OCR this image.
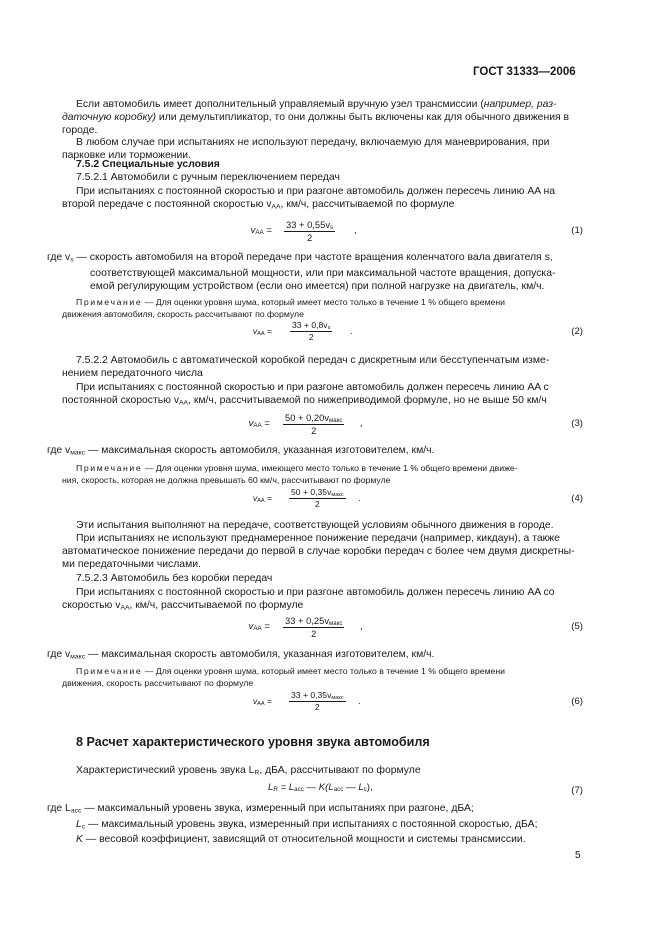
ГОСТ 31333—2006
Если автомобиль имеет дополнительный управляемый вручную узел трансмиссии (например, раз-
даточную коробку) или демультипликатор, то они должны быть включены как для обычного движения в
городе.
В любом случае при испытаниях не используют передачу, включаемую для маневрирования, при
парковке или торможении.
7.5.2 Специальные условия
7.5.2.1 Автомобили с ручным переключением передач
При испытаниях с постоянной скоростью и при разгоне автомобиль должен пересечь линию AA на
второй передаче с постоянной скоростью $v_{AA}$, км/ч, рассчитываемой по формуле
vAA = $\frac{33 + 0,55vs}{2}$ ,	(1)
где $v_s$ — скорость автомобиля на второй передаче при частоте вращения коленчатого вала двигателя s,
соответствующей максимальной мощности, или при максимальной частоте вращения, допуска-
емой регулирующим устройством (если оно имеется) при полной нагрузке на двигатель, км/ч.
Примечание — Для оценки уровня шума, который имеет место только в течение 1 % общего времени
движения автомобиля, скорость рассчитывают по формуле
$v_{AA} = \frac{33 + 0,8v_s}{2}$ .	(2)
7.5.2.2 Автомобиль с автоматической коробкой передач с дискретным или бесступенчатым изме-
нением передаточного числа
При испытаниях с постоянной скоростью и при разгоне автомобиль должен пересечь линию AA с
постоянной скоростью $v_{AA}$, км/ч, рассчитываемой по нижеприводимой формуле, но не выше 50 км/ч
vAA =
50 + 0,20vмакс
2
,	(3)
где $v_{макс}$ — максимальная скорость автомобиля, указанная изготовителем, км/ч.
Примечание — Для оценки уровня шума, имеющего место только в течение 1 % общего времени движе-
ния, скорость, которая не должна превышать 60 км/ч, рассчитывают по формуле
$v_{AA}$ =
$50 + 0,35v_{макс}$
2
.	(4)
Эти испытания выполняют на передаче, соответствующей условиям обычного движения в городе.
При испытаниях не используют преднамеренное понижение передачи (например, кикдаун), а также
автоматическое понижение передачи до первой в случае коробки передач с более чем двумя дискретны-
ми передаточными числами.
7.5.2.3 Автомобиль без коробки передач
При испытаниях с постоянной скоростью и при разгоне автомобиль должен пересечь линию AA со
скоростью $v_{AA}$, км/ч, рассчитываемой по формуле
vAA =
33 + 0,25vмакс
2
,	(5)
где $v_{макс}$ — максимальная скорость автомобиля, указанная изготовителем, км/ч.
Примечание — Для оценки уровня шума, который имеет место только в течение 1 % общего времени
движения, скорость рассчитывают по формуле
$v_{AA}$ =
$33 + 0,35v_{макс}$
2
.	(6)
8 Расчет характеристического уровня звука автомобиля
Характеристический уровень звука $L_R$, дБА, рассчитывают по формуле
LR = Lacc — K(Lacc — Lc),	(7)
где $L_{acc}$ — максимальный уровень звука, измеренный при испытаниях при разгоне, дБА;
$L_c$ — максимальный уровень звука, измеренный при испытаниях с постоянной скоростью, дБА;
K — весовой коэффициент, зависящий от относительной мощности и системы трансмиссии.
5
